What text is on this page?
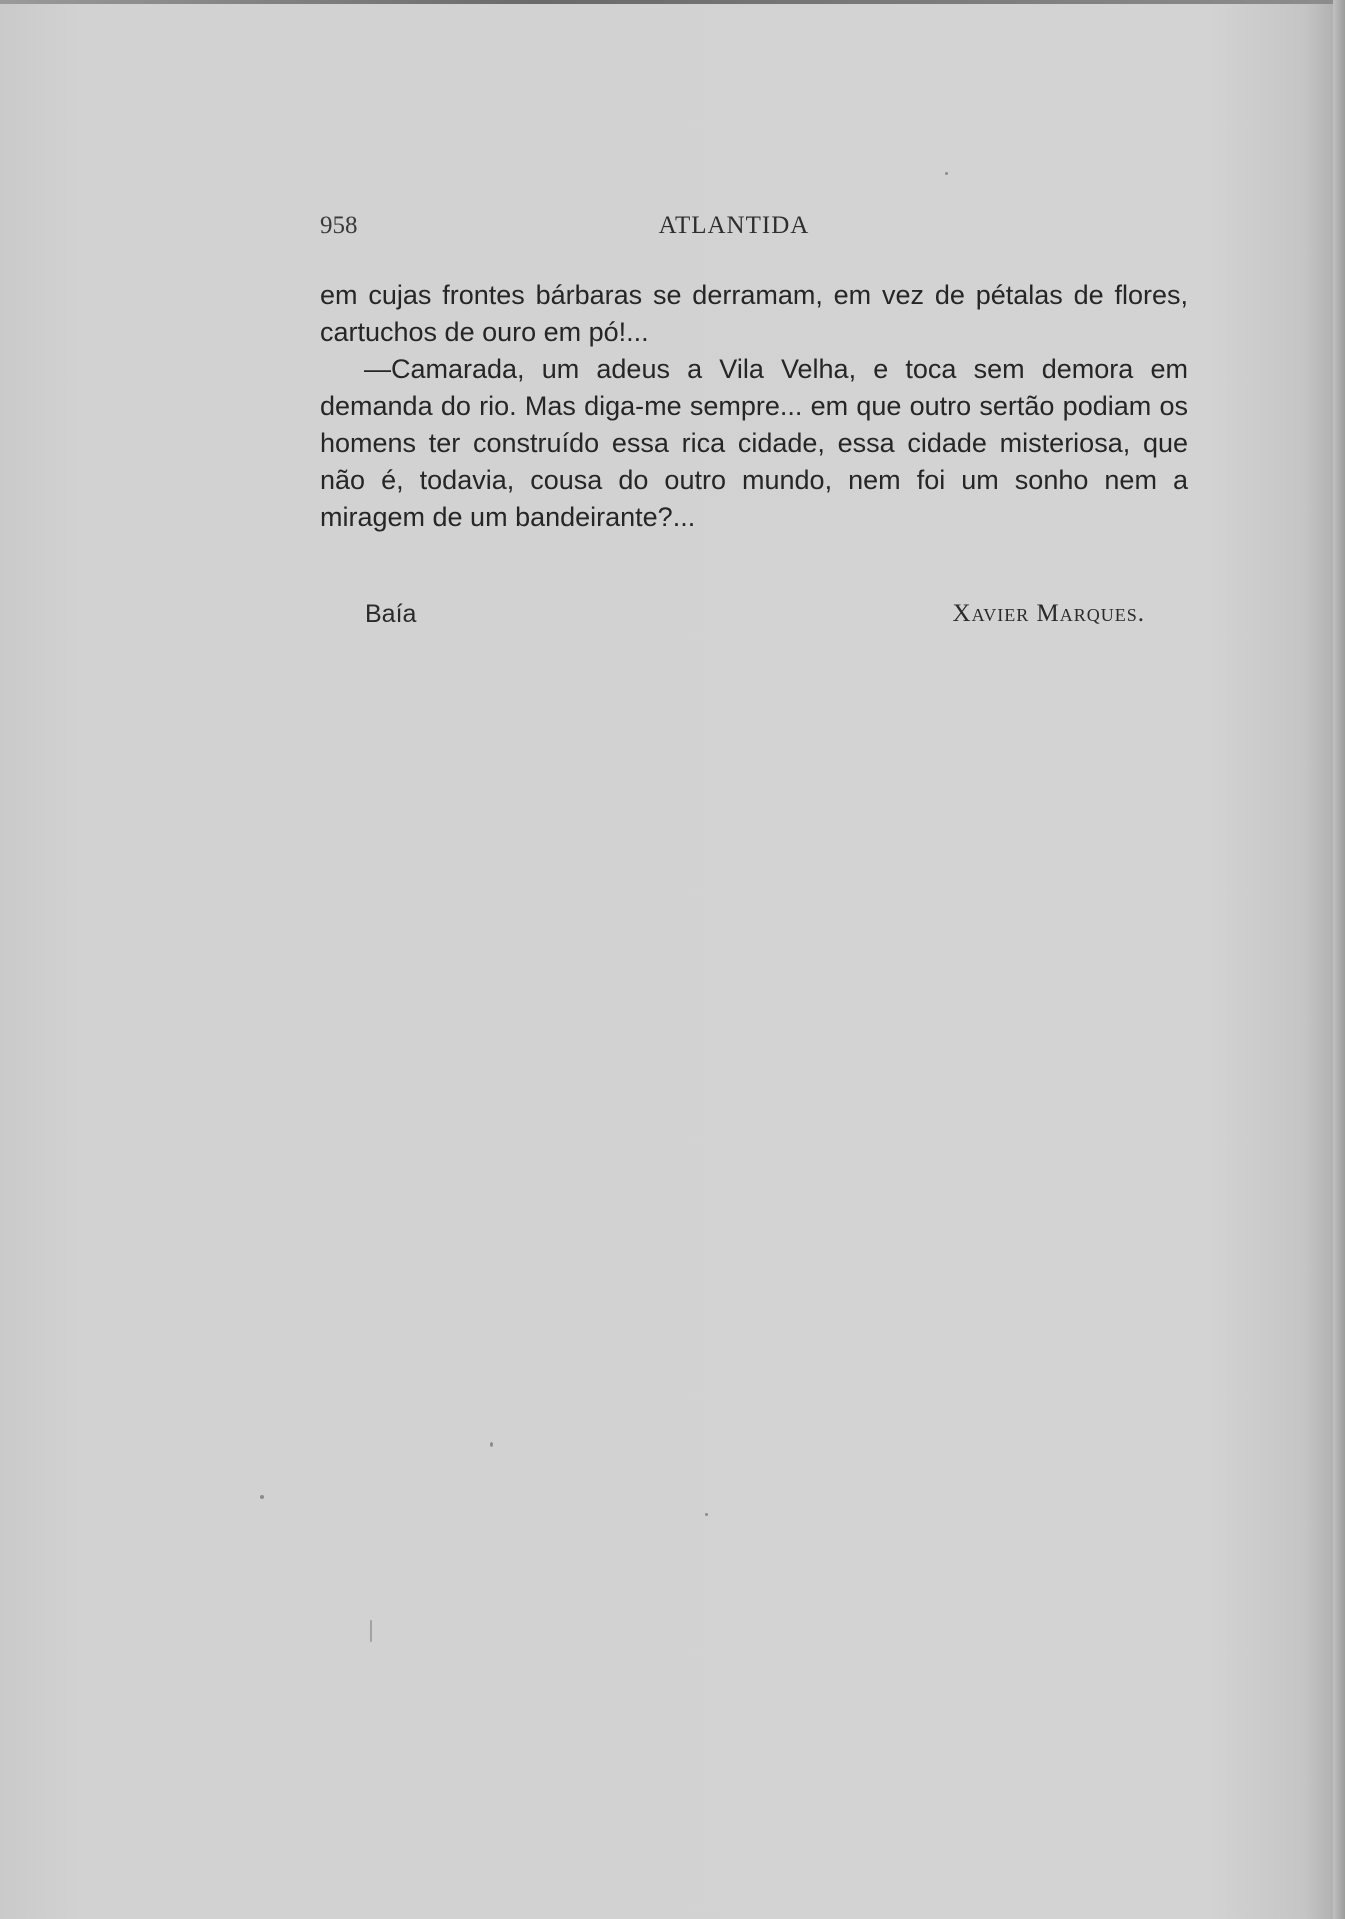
958	ATLANTIDA

em cujas frontes bárbaras se derramam, em vez de pétalas de flores, cartuchos de ouro em pó!...

—Camarada, um adeus a Vila Velha, e toca sem demora em demanda do rio. Mas diga-me sempre... em que outro sertão podiam os homens ter construído essa rica cidade, essa cidade misteriosa, que não é, todavia, cousa do outro mundo, nem foi um sonho nem a miragem de um bandeirante?...

Baía	Xavier Marques.
